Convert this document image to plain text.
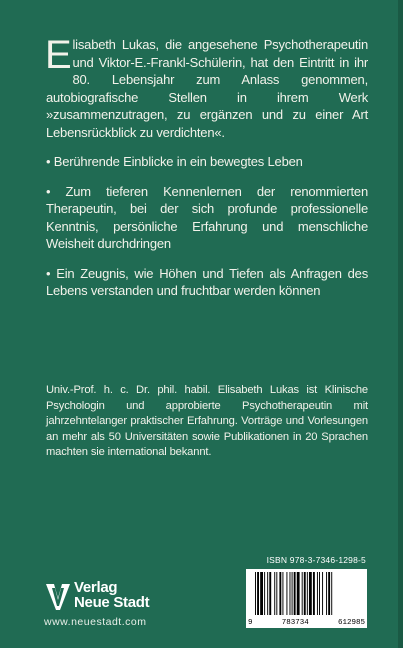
Elisabeth Lukas, die angesehene Psychotherapeutin und Viktor-E.-Frankl-Schülerin, hat den Eintritt in ihr 80. Lebensjahr zum Anlass genommen, autobiografische Stellen in ihrem Werk »zusammenzutragen, zu ergänzen und zu einer Art Lebensrückblick zu verdichten«.

• Berührende Einblicke in ein bewegtes Leben

• Zum tieferen Kennenlernen der renommierten Therapeutin, bei der sich profunde professionelle Kenntnis, persönliche Erfahrung und menschliche Weisheit durchdringen

• Ein Zeugnis, wie Höhen und Tiefen als Anfragen des Lebens verstanden und fruchtbar werden können

Univ.-Prof. h. c. Dr. phil. habil. Elisabeth Lukas ist Klinische Psychologin und approbierte Psychotherapeutin mit jahrzehntelanger praktischer Erfahrung. Vorträge und Vorlesungen an mehr als 50 Universitäten sowie Publikationen in 20 Sprachen machten sie international bekannt.

Verlag
Neue Stadt
www.neuestadt.com
ISBN 978-3-7346-1298-5
9	783734	612985
